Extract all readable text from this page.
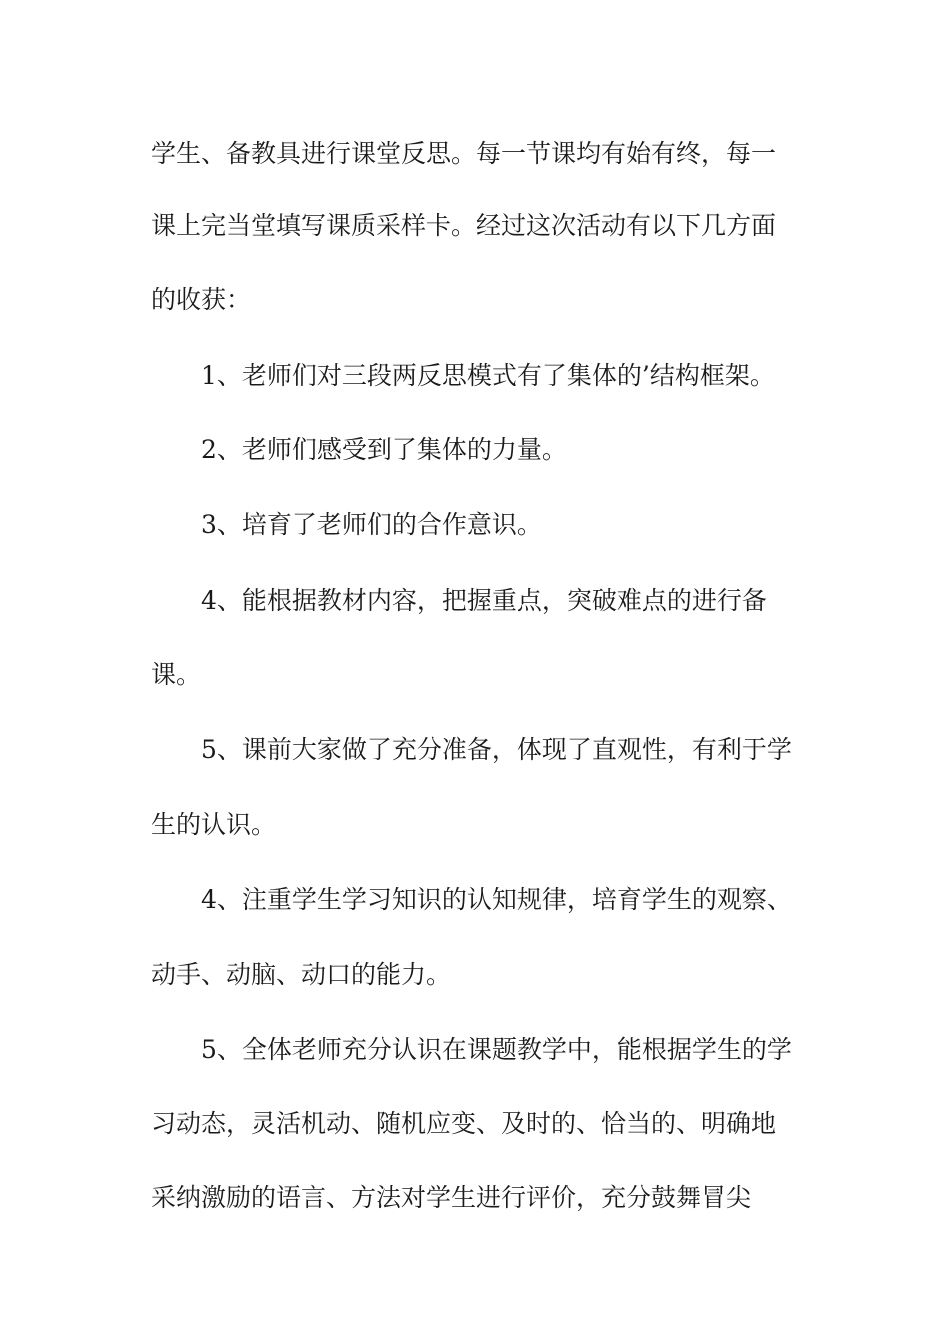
学生、备教具进行课堂反思。每一节课均有始有终，每一
课上完当堂填写课质采样卡。经过这次活动有以下几方面
的收获：
1、老师们对三段两反思模式有了集体的’结构框架。
2、老师们感受到了集体的力量。
3、培育了老师们的合作意识。
4、能根据教材内容，把握重点，突破难点的进行备
课。
5、课前大家做了充分准备，体现了直观性，有利于学
生的认识。
4、注重学生学习知识的认知规律，培育学生的观察、
动手、动脑、动口的能力。
5、全体老师充分认识在课题教学中，能根据学生的学
习动态，灵活机动、随机应变、及时的、恰当的、明确地
采纳激励的语言、方法对学生进行评价，充分鼓舞冒尖
